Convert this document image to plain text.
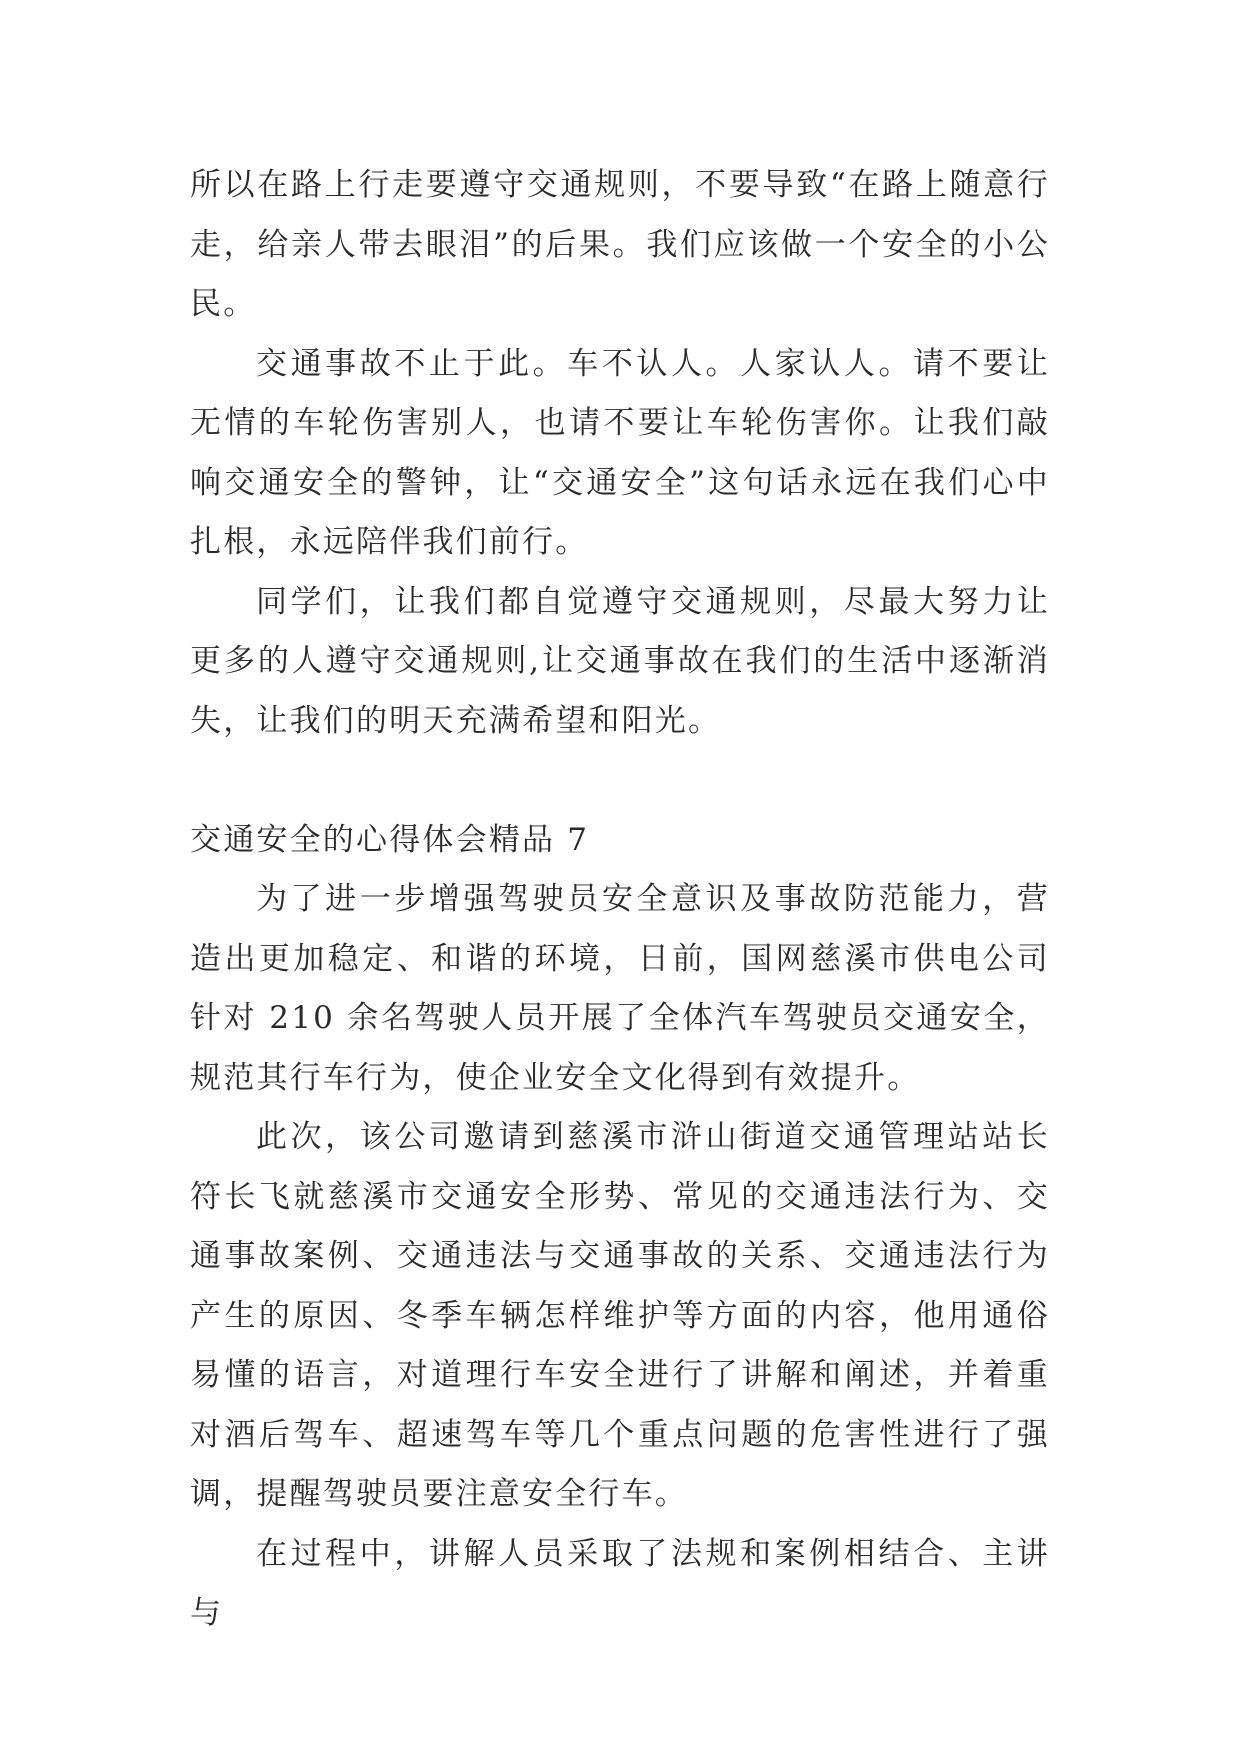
所以在路上行走要遵守交通规则，不要导致“在路上随意行走，给亲人带去眼泪”的后果。我们应该做一个安全的小公民。

交通事故不止于此。车不认人。人家认人。请不要让无情的车轮伤害别人，也请不要让车轮伤害你。让我们敲响交通安全的警钟，让“交通安全”这句话永远在我们心中扎根，永远陪伴我们前行。

同学们，让我们都自觉遵守交通规则，尽最大努力让更多的人遵守交通规则,让交通事故在我们的生活中逐渐消失，让我们的明天充满希望和阳光。

交通安全的心得体会精品 7

为了进一步增强驾驶员安全意识及事故防范能力，营造出更加稳定、和谐的环境，日前，国网慈溪市供电公司针对 210 余名驾驶人员开展了全体汽车驾驶员交通安全，规范其行车行为，使企业安全文化得到有效提升。

此次，该公司邀请到慈溪市浒山街道交通管理站站长符长飞就慈溪市交通安全形势、常见的交通违法行为、交通事故案例、交通违法与交通事故的关系、交通违法行为产生的原因、冬季车辆怎样维护等方面的内容，他用通俗易懂的语言，对道理行车安全进行了讲解和阐述，并着重对酒后驾车、超速驾车等几个重点问题的危害性进行了强调，提醒驾驶员要注意安全行车。

在过程中，讲解人员采取了法规和案例相结合、主讲与
